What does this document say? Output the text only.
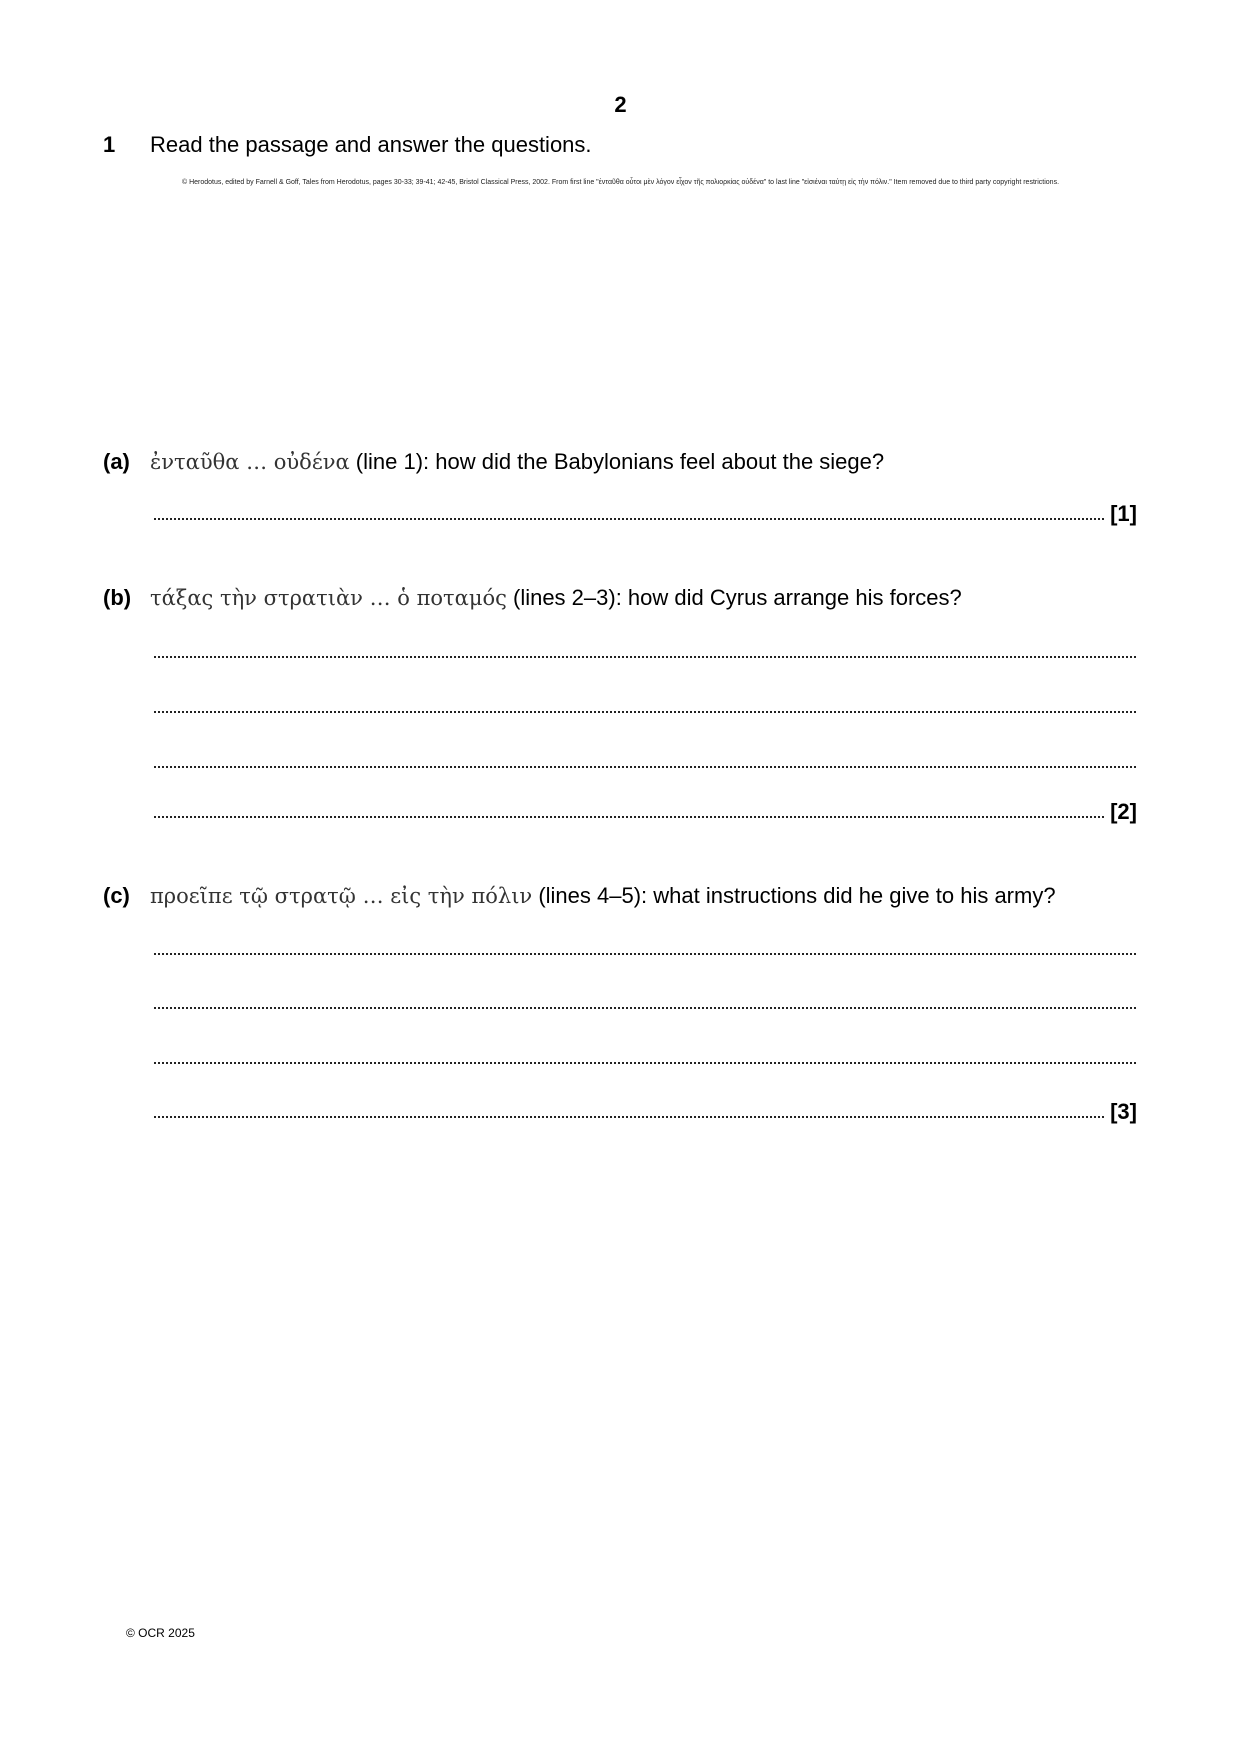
2
1 Read the passage and answer the questions.
© Herodotus, edited by Farnell & Goff, Tales from Herodotus, pages 30-33; 39-41; 42-45, Bristol Classical Press, 2002. From first line "ἐνταῦθα οὗτοι μὲν λόγον εἶχον τῆς πολιορκίας οὐδένα" to last line "εἰσιέναι ταύτῃ εἰς τὴν πόλιν." Item removed due to third party copyright restrictions.
(a) ἐνταῦθα … οὐδένα (line 1): how did the Babylonians feel about the siege?
[1]
(b) τάξας τὴν στρατιὰν … ὁ ποταμός (lines 2–3): how did Cyrus arrange his forces?
[2]
(c) προεῖπε τῷ στρατῷ … εἰς τὴν πόλιν (lines 4–5): what instructions did he give to his army?
[3]
© OCR 2025
